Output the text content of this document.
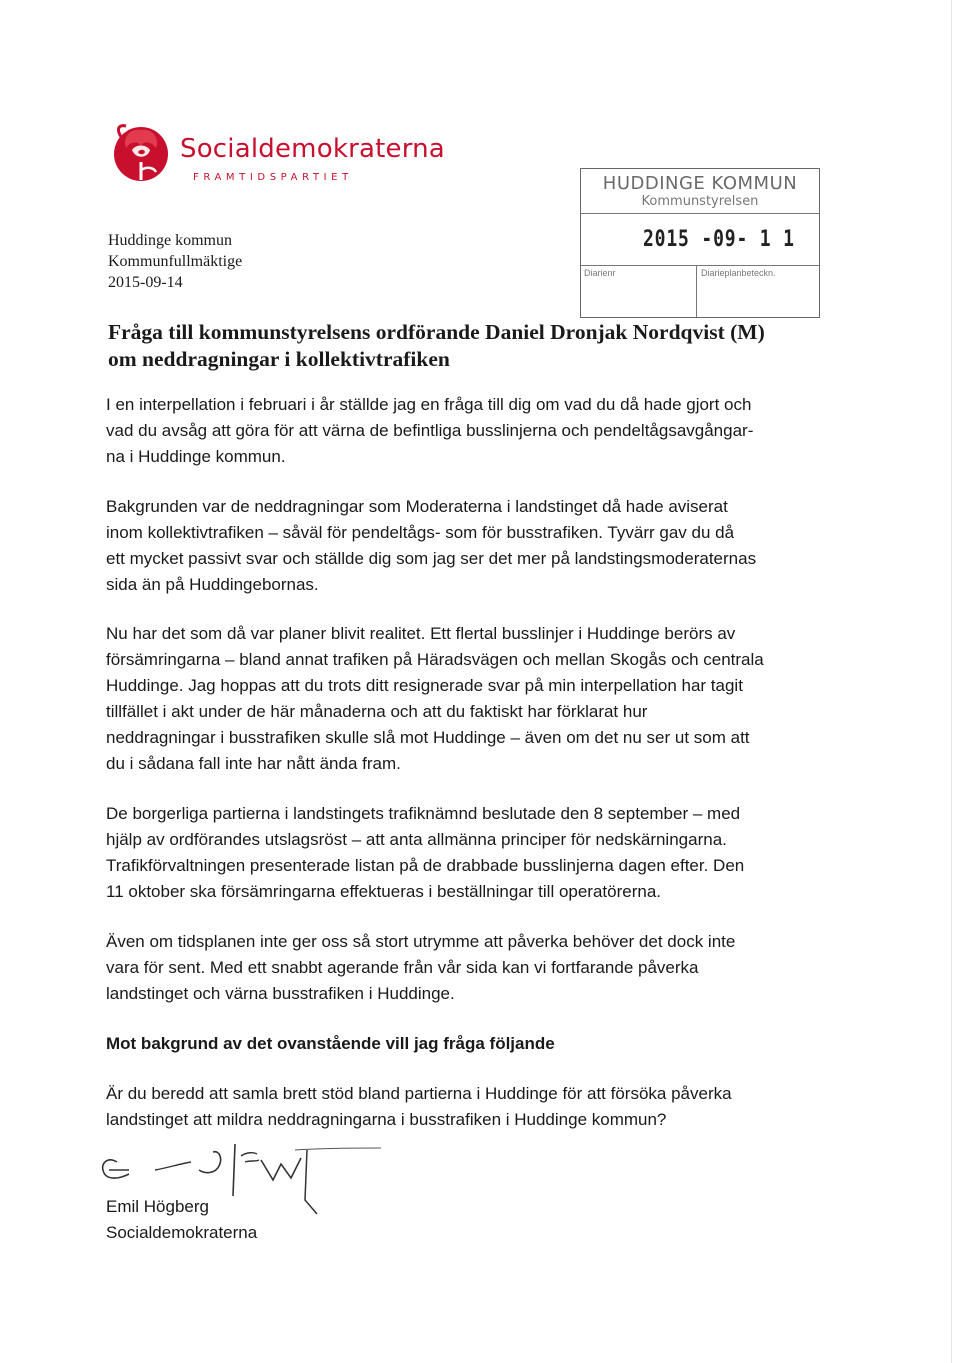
Socialdemokraterna
FRAMTIDSPARTIET	HUDDINGE KOMMUN
Kommunstyrelsen
2015 -09- 1 1
Diarienr	Diarieplanbeteckn.
Huddinge kommun
Kommunfullmäktige
2015-09-14
Fråga till kommunstyrelsens ordförande Daniel Dronjak Nordqvist (M)
om neddragningar i kollektivtrafiken
I en interpellation i februari i år ställde jag en fråga till dig om vad du då hade gjort och
vad du avsåg att göra för att värna de befintliga busslinjerna och pendeltågsavgångar-
na i Huddinge kommun.
Bakgrunden var de neddragningar som Moderaterna i landstinget då hade aviserat
inom kollektivtrafiken – såväl för pendeltågs- som för busstrafiken. Tyvärr gav du då
ett mycket passivt svar och ställde dig som jag ser det mer på landstingsmoderaternas
sida än på Huddingebornas.
Nu har det som då var planer blivit realitet. Ett flertal busslinjer i Huddinge berörs av
försämringarna – bland annat trafiken på Häradsvägen och mellan Skogås och centrala
Huddinge. Jag hoppas att du trots ditt resignerade svar på min interpellation har tagit
tillfället i akt under de här månaderna och att du faktiskt har förklarat hur
neddragningar i busstrafiken skulle slå mot Huddinge – även om det nu ser ut som att
du i sådana fall inte har nått ända fram.
De borgerliga partierna i landstingets trafiknämnd beslutade den 8 september – med
hjälp av ordförandes utslagsröst – att anta allmänna principer för nedskärningarna.
Trafikförvaltningen presenterade listan på de drabbade busslinjerna dagen efter. Den
11 oktober ska försämringarna effektueras i beställningar till operatörerna.
Även om tidsplanen inte ger oss så stort utrymme att påverka behöver det dock inte
vara för sent. Med ett snabbt agerande från vår sida kan vi fortfarande påverka
landstinget och värna busstrafiken i Huddinge.
Mot bakgrund av det ovanstående vill jag fråga följande
Är du beredd att samla brett stöd bland partierna i Huddinge för att försöka påverka
landstinget att mildra neddragningarna i busstrafiken i Huddinge kommun?
Emil Högberg
Socialdemokraterna
